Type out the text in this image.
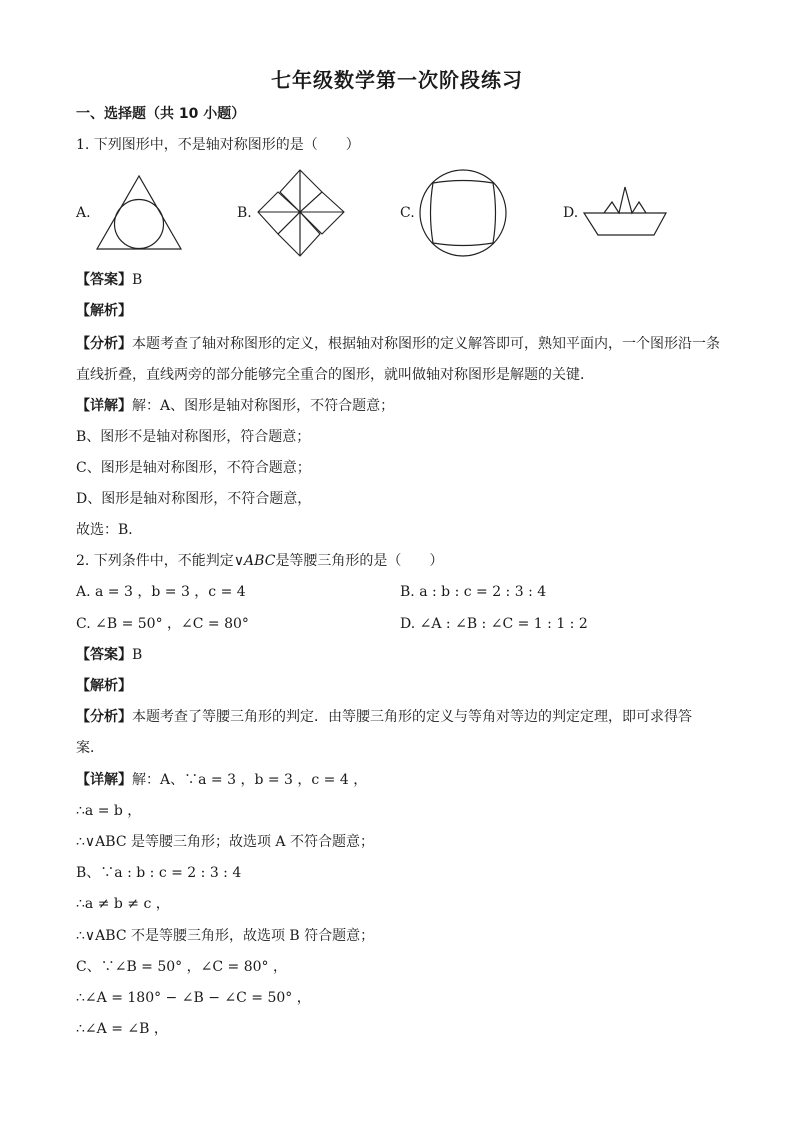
七年级数学第一次阶段练习
一、选择题（共 10 小题）
1. 下列图形中，不是轴对称图形的是（　　）
A.	B.	C.	D.
【答案】B
【解析】
【分析】本题考查了轴对称图形的定义，根据轴对称图形的定义解答即可，熟知平面内，一个图形沿一条
直线折叠，直线两旁的部分能够完全重合的图形，就叫做轴对称图形是解题的关键．
【详解】解：A、图形是轴对称图形，不符合题意；
B、图形不是轴对称图形，符合题意；
C、图形是轴对称图形，不符合题意；
D、图形是轴对称图形，不符合题意，
故选：B．
2. 下列条件中，不能判定∨ABC是等腰三角形的是（　　）
A. a = 3 ，b = 3 ，c = 4	B. a : b : c = 2 : 3 : 4
C. ∠B = 50° ，∠C = 80°	D. ∠A : ∠B : ∠C = 1 : 1 : 2
【答案】B
【解析】
【分析】本题考查了等腰三角形的判定．由等腰三角形的定义与等角对等边的判定定理，即可求得答
案．
【详解】解：A、∵a = 3 ，b = 3 ，c = 4 ，
∴a = b ，
∴∨ABC 是等腰三角形；故选项 A 不符合题意；
B、∵a : b : c = 2 : 3 : 4
∴a ≠ b ≠ c ，
∴∨ABC 不是等腰三角形，故选项 B 符合题意；
C、∵∠B = 50° ，∠C = 80° ，
∴∠A = 180° − ∠B − ∠C = 50° ，
∴∠A = ∠B ，
